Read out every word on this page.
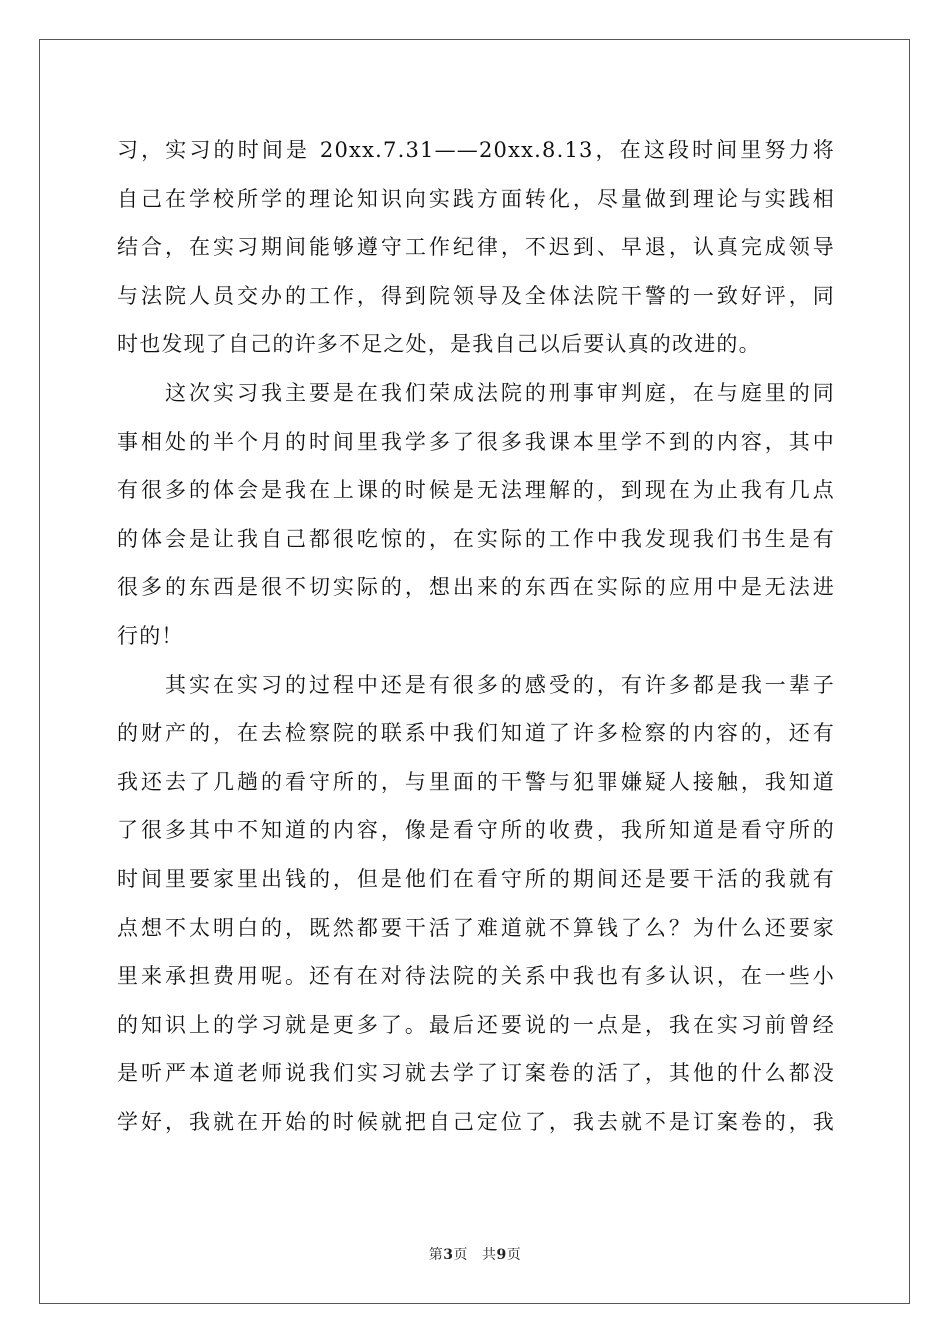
习，实习的时间是 20xx.7.31——20xx.8.13，在这段时间里努力将
自己在学校所学的理论知识向实践方面转化，尽量做到理论与实践相
结合，在实习期间能够遵守工作纪律，不迟到、早退，认真完成领导
与法院人员交办的工作，得到院领导及全体法院干警的一致好评，同
时也发现了自己的许多不足之处，是我自己以后要认真的改进的。
　　这次实习我主要是在我们荣成法院的刑事审判庭，在与庭里的同
事相处的半个月的时间里我学多了很多我课本里学不到的内容，其中
有很多的体会是我在上课的时候是无法理解的，到现在为止我有几点
的体会是让我自己都很吃惊的，在实际的工作中我发现我们书生是有
很多的东西是很不切实际的，想出来的东西在实际的应用中是无法进
行的！
　　其实在实习的过程中还是有很多的感受的，有许多都是我一辈子
的财产的，在去检察院的联系中我们知道了许多检察的内容的，还有
我还去了几趟的看守所的，与里面的干警与犯罪嫌疑人接触，我知道
了很多其中不知道的内容，像是看守所的收费，我所知道是看守所的
时间里要家里出钱的，但是他们在看守所的期间还是要干活的我就有
点想不太明白的，既然都要干活了难道就不算钱了么？为什么还要家
里来承担费用呢。还有在对待法院的关系中我也有多认识，在一些小
的知识上的学习就是更多了。最后还要说的一点是，我在实习前曾经
是听严本道老师说我们实习就去学了订案卷的活了，其他的什么都没
学好，我就在开始的时候就把自己定位了，我去就不是订案卷的，我
第3页 共9页
